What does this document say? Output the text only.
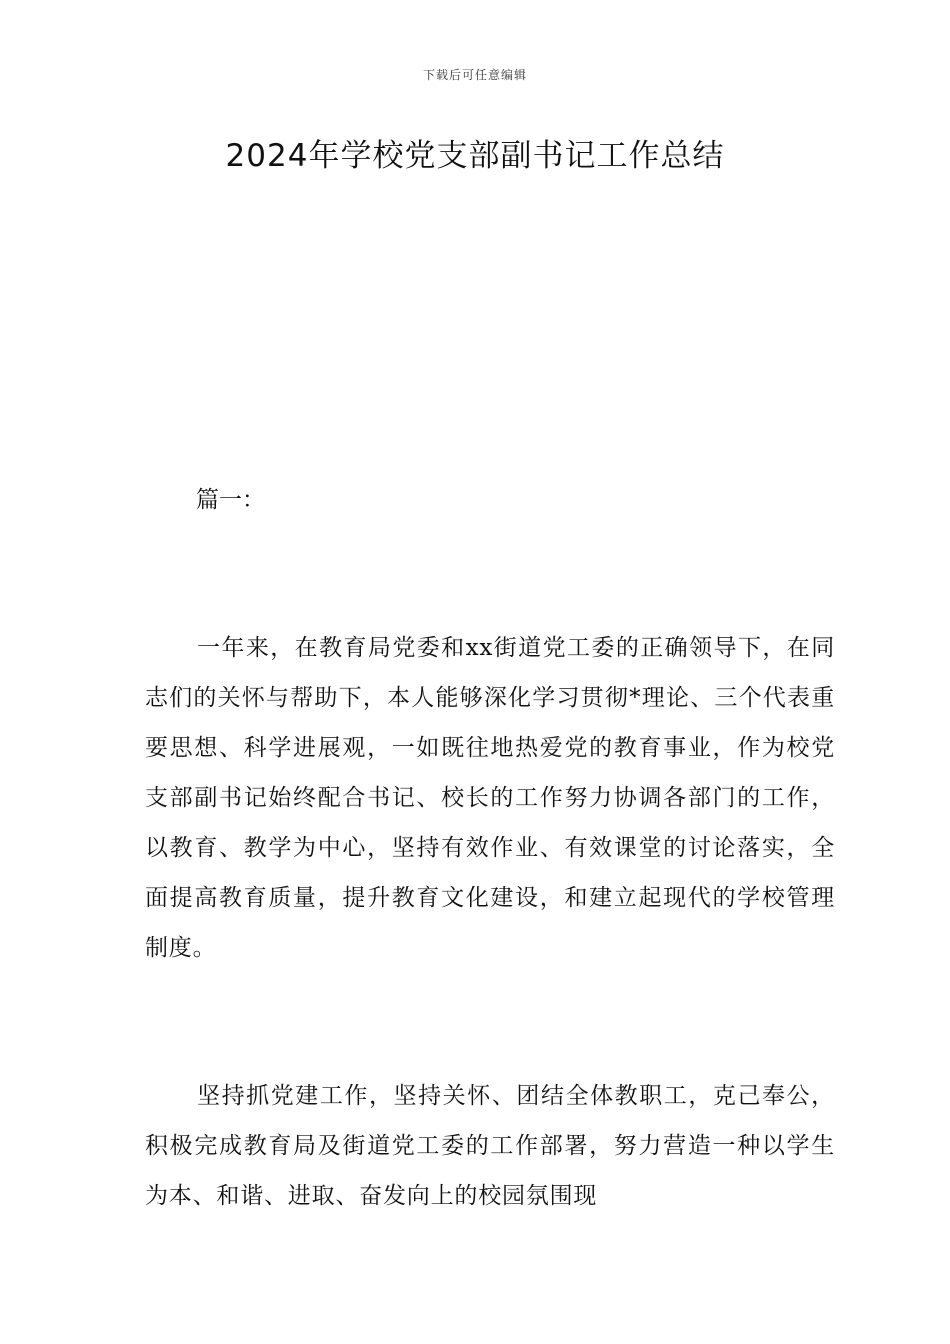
下载后可任意编辑
2024年学校党支部副书记工作总结
篇一：

一年来，在教育局党委和xx街道党工委的正确领导下，在同志们的关怀与帮助下，本人能够深化学习贯彻*理论、三个代表重要思想、科学进展观，一如既往地热爱党的教育事业，作为校党支部副书记始终配合书记、校长的工作努力协调各部门的工作，以教育、教学为中心，坚持有效作业、有效课堂的讨论落实，全面提高教育质量，提升教育文化建设，和建立起现代的学校管理制度。

坚持抓党建工作，坚持关怀、团结全体教职工，克己奉公，积极完成教育局及街道党工委的工作部署，努力营造一种以学生为本、和谐、进取、奋发向上的校园氛围现
